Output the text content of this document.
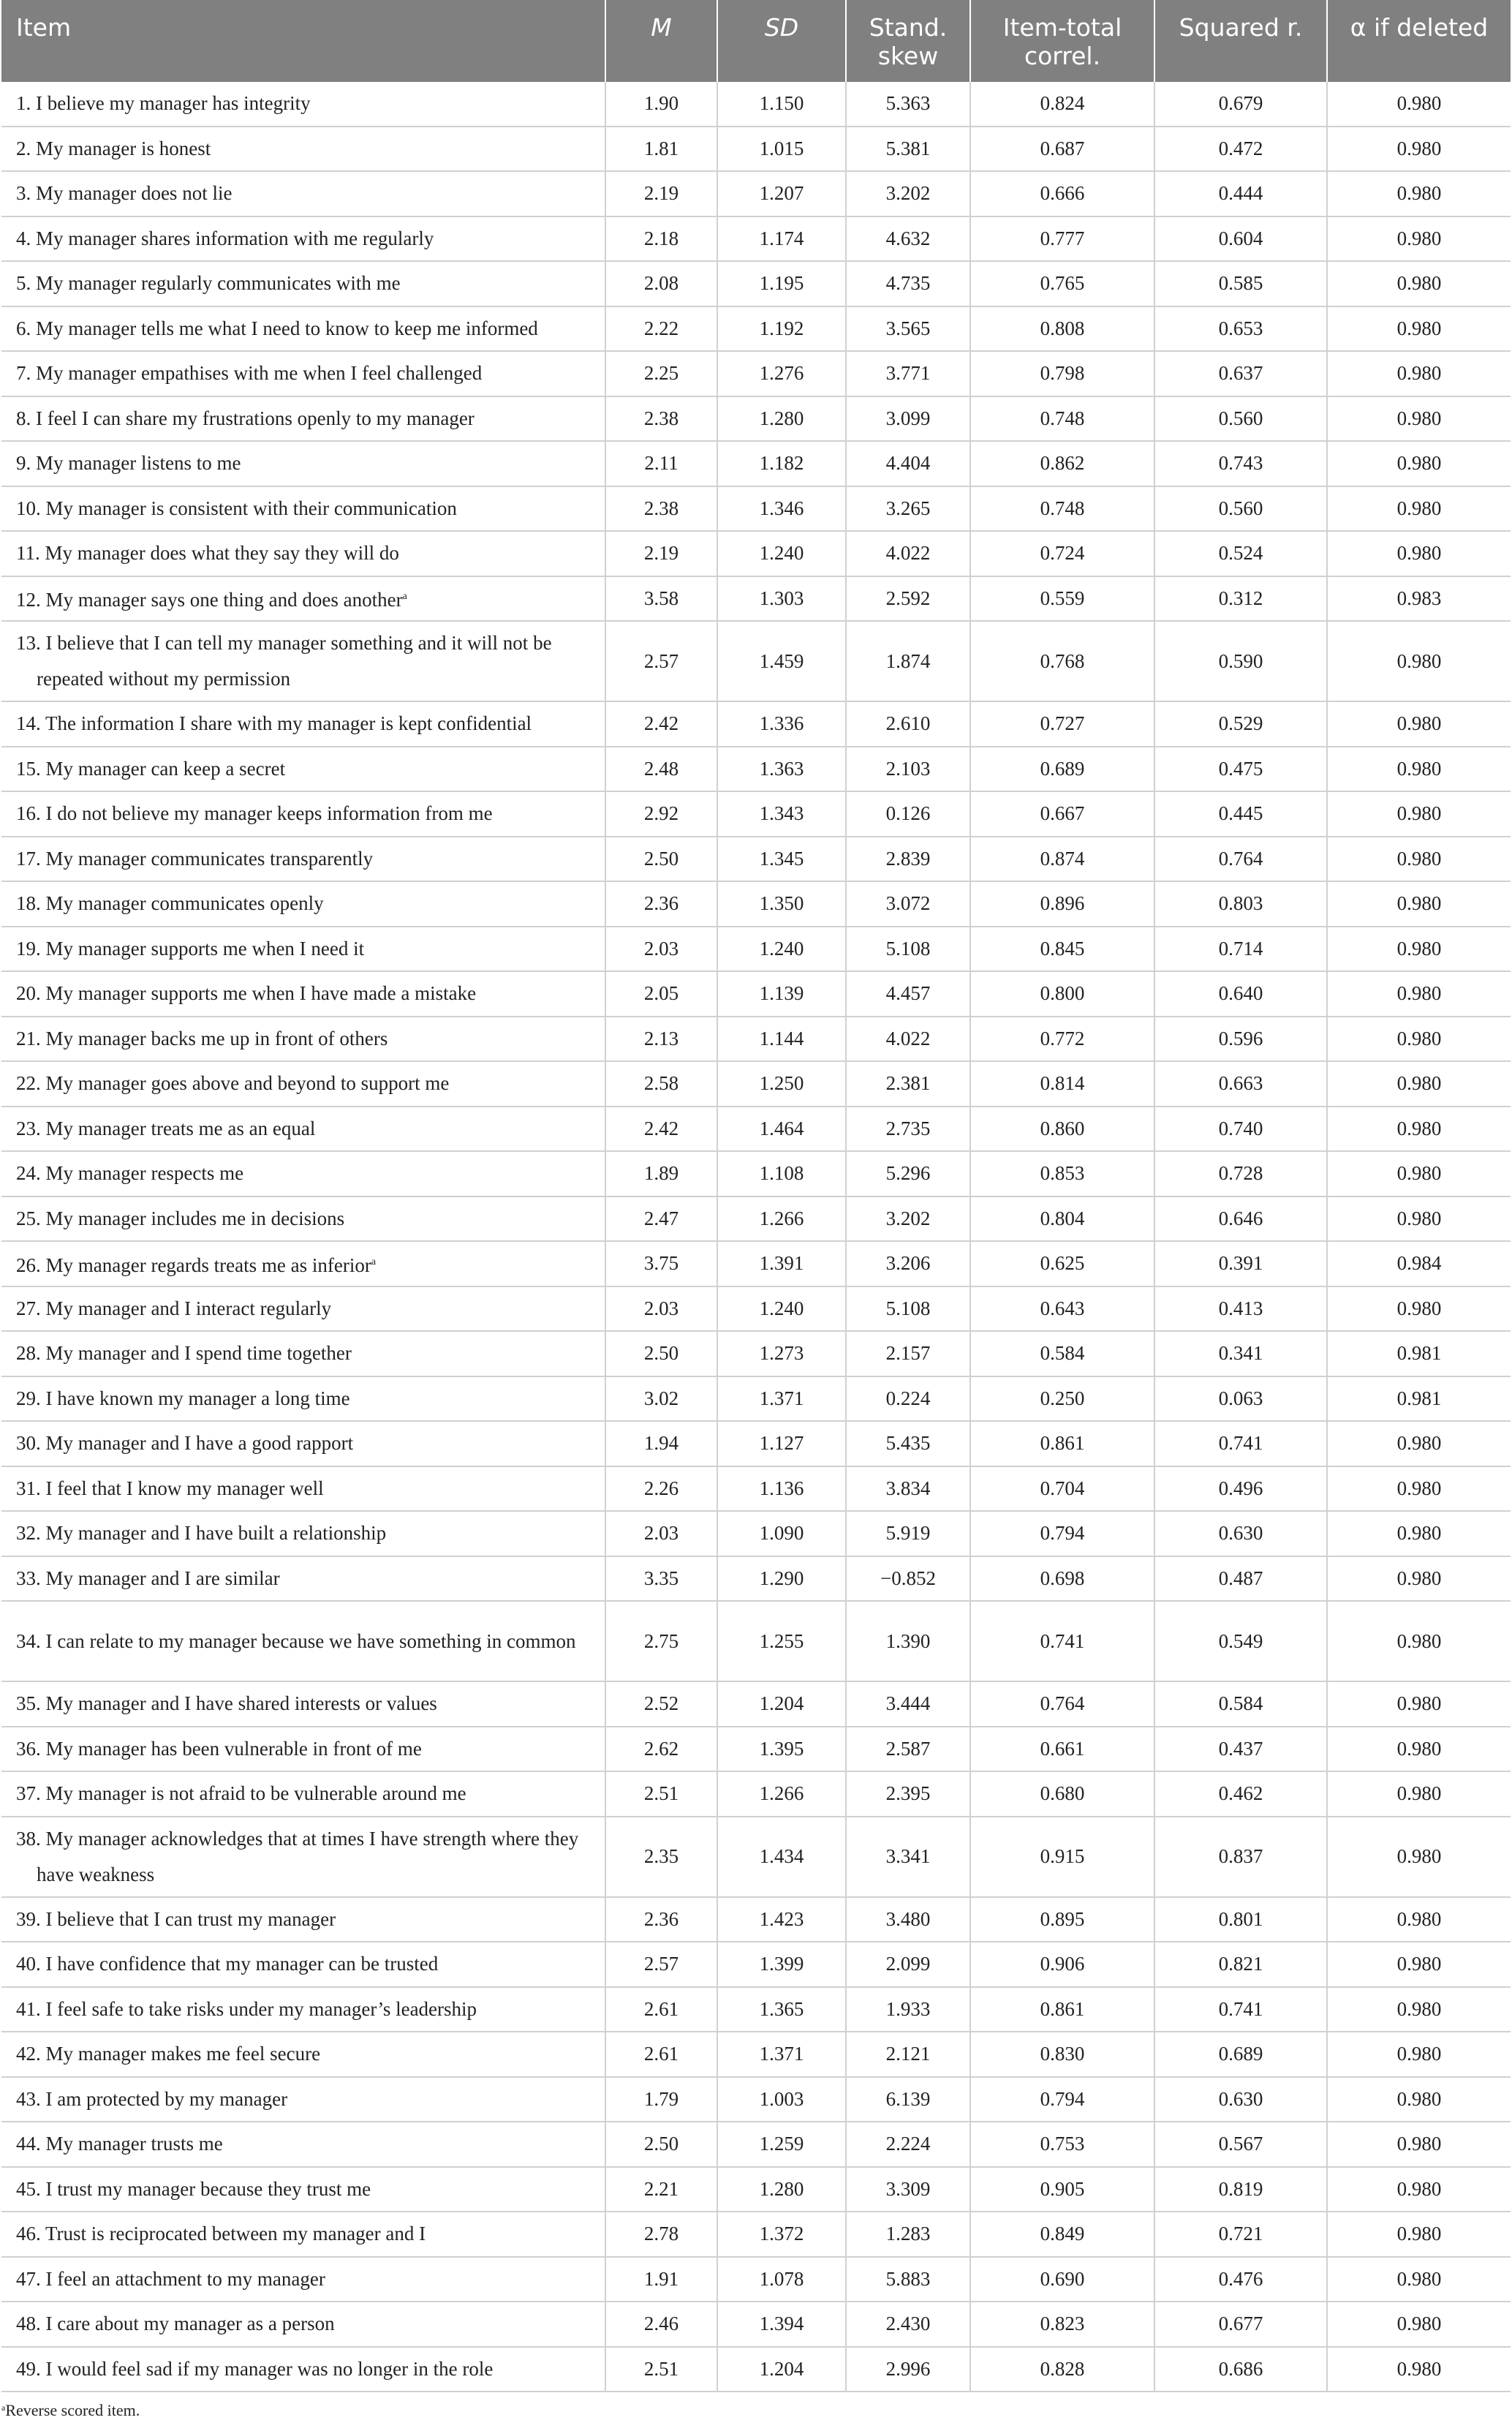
Item	M	SD	Stand. skew	Item-total correl.	Squared r.	α if deleted

1. I believe my manager has integrity	1.90	1.150	5.363	0.824	0.679	0.980

2. My manager is honest	1.81	1.015	5.381	0.687	0.472	0.980

3. My manager does not lie	2.19	1.207	3.202	0.666	0.444	0.980

4. My manager shares information with me regularly	2.18	1.174	4.632	0.777	0.604	0.980

5. My manager regularly communicates with me	2.08	1.195	4.735	0.765	0.585	0.980

6. My manager tells me what I need to know to keep me informed	2.22	1.192	3.565	0.808	0.653	0.980

7. My manager empathises with me when I feel challenged	2.25	1.276	3.771	0.798	0.637	0.980

8. I feel I can share my frustrations openly to my manager	2.38	1.280	3.099	0.748	0.560	0.980

9. My manager listens to me	2.11	1.182	4.404	0.862	0.743	0.980

10. My manager is consistent with their communication	2.38	1.346	3.265	0.748	0.560	0.980

11. My manager does what they say they will do	2.19	1.240	4.022	0.724	0.524	0.980

12. My manager says one thing and does another$^a$	3.58	1.303	2.592	0.559	0.312	0.983

13. I believe that I can tell my manager something and it will not be repeated without my permission	2.57	1.459	1.874	0.768	0.590	0.980

14. The information I share with my manager is kept confidential	2.42	1.336	2.610	0.727	0.529	0.980

15. My manager can keep a secret	2.48	1.363	2.103	0.689	0.475	0.980

16. I do not believe my manager keeps information from me	2.92	1.343	0.126	0.667	0.445	0.980

17. My manager communicates transparently	2.50	1.345	2.839	0.874	0.764	0.980

18. My manager communicates openly	2.36	1.350	3.072	0.896	0.803	0.980

19. My manager supports me when I need it	2.03	1.240	5.108	0.845	0.714	0.980

20. My manager supports me when I have made a mistake	2.05	1.139	4.457	0.800	0.640	0.980

21. My manager backs me up in front of others	2.13	1.144	4.022	0.772	0.596	0.980

22. My manager goes above and beyond to support me	2.58	1.250	2.381	0.814	0.663	0.980

23. My manager treats me as an equal	2.42	1.464	2.735	0.860	0.740	0.980

24. My manager respects me	1.89	1.108	5.296	0.853	0.728	0.980

25. My manager includes me in decisions	2.47	1.266	3.202	0.804	0.646	0.980

26. My manager regards treats me as inferior$^a$	3.75	1.391	3.206	0.625	0.391	0.984

27. My manager and I interact regularly	2.03	1.240	5.108	0.643	0.413	0.980

28. My manager and I spend time together	2.50	1.273	2.157	0.584	0.341	0.981

29. I have known my manager a long time	3.02	1.371	0.224	0.250	0.063	0.981

30. My manager and I have a good rapport	1.94	1.127	5.435	0.861	0.741	0.980

31. I feel that I know my manager well	2.26	1.136	3.834	0.704	0.496	0.980

32. My manager and I have built a relationship	2.03	1.090	5.919	0.794	0.630	0.980

33. My manager and I are similar	3.35	1.290	−0.852	0.698	0.487	0.980

34. I can relate to my manager because we have something in common	2.75	1.255	1.390	0.741	0.549	0.980

35. My manager and I have shared interests or values	2.52	1.204	3.444	0.764	0.584	0.980

36. My manager has been vulnerable in front of me	2.62	1.395	2.587	0.661	0.437	0.980

37. My manager is not afraid to be vulnerable around me	2.51	1.266	2.395	0.680	0.462	0.980

38. My manager acknowledges that at times I have strength where they have weakness	2.35	1.434	3.341	0.915	0.837	0.980

39. I believe that I can trust my manager	2.36	1.423	3.480	0.895	0.801	0.980

40. I have confidence that my manager can be trusted	2.57	1.399	2.099	0.906	0.821	0.980

41. I feel safe to take risks under my manager’s leadership	2.61	1.365	1.933	0.861	0.741	0.980

42. My manager makes me feel secure	2.61	1.371	2.121	0.830	0.689	0.980

43. I am protected by my manager	1.79	1.003	6.139	0.794	0.630	0.980

44. My manager trusts me	2.50	1.259	2.224	0.753	0.567	0.980

45. I trust my manager because they trust me	2.21	1.280	3.309	0.905	0.819	0.980

46. Trust is reciprocated between my manager and I	2.78	1.372	1.283	0.849	0.721	0.980

47. I feel an attachment to my manager	1.91	1.078	5.883	0.690	0.476	0.980

48. I care about my manager as a person	2.46	1.394	2.430	0.823	0.677	0.980

49. I would feel sad if my manager was no longer in the role	2.51	1.204	2.996	0.828	0.686	0.980
$^a$Reverse scored item.
